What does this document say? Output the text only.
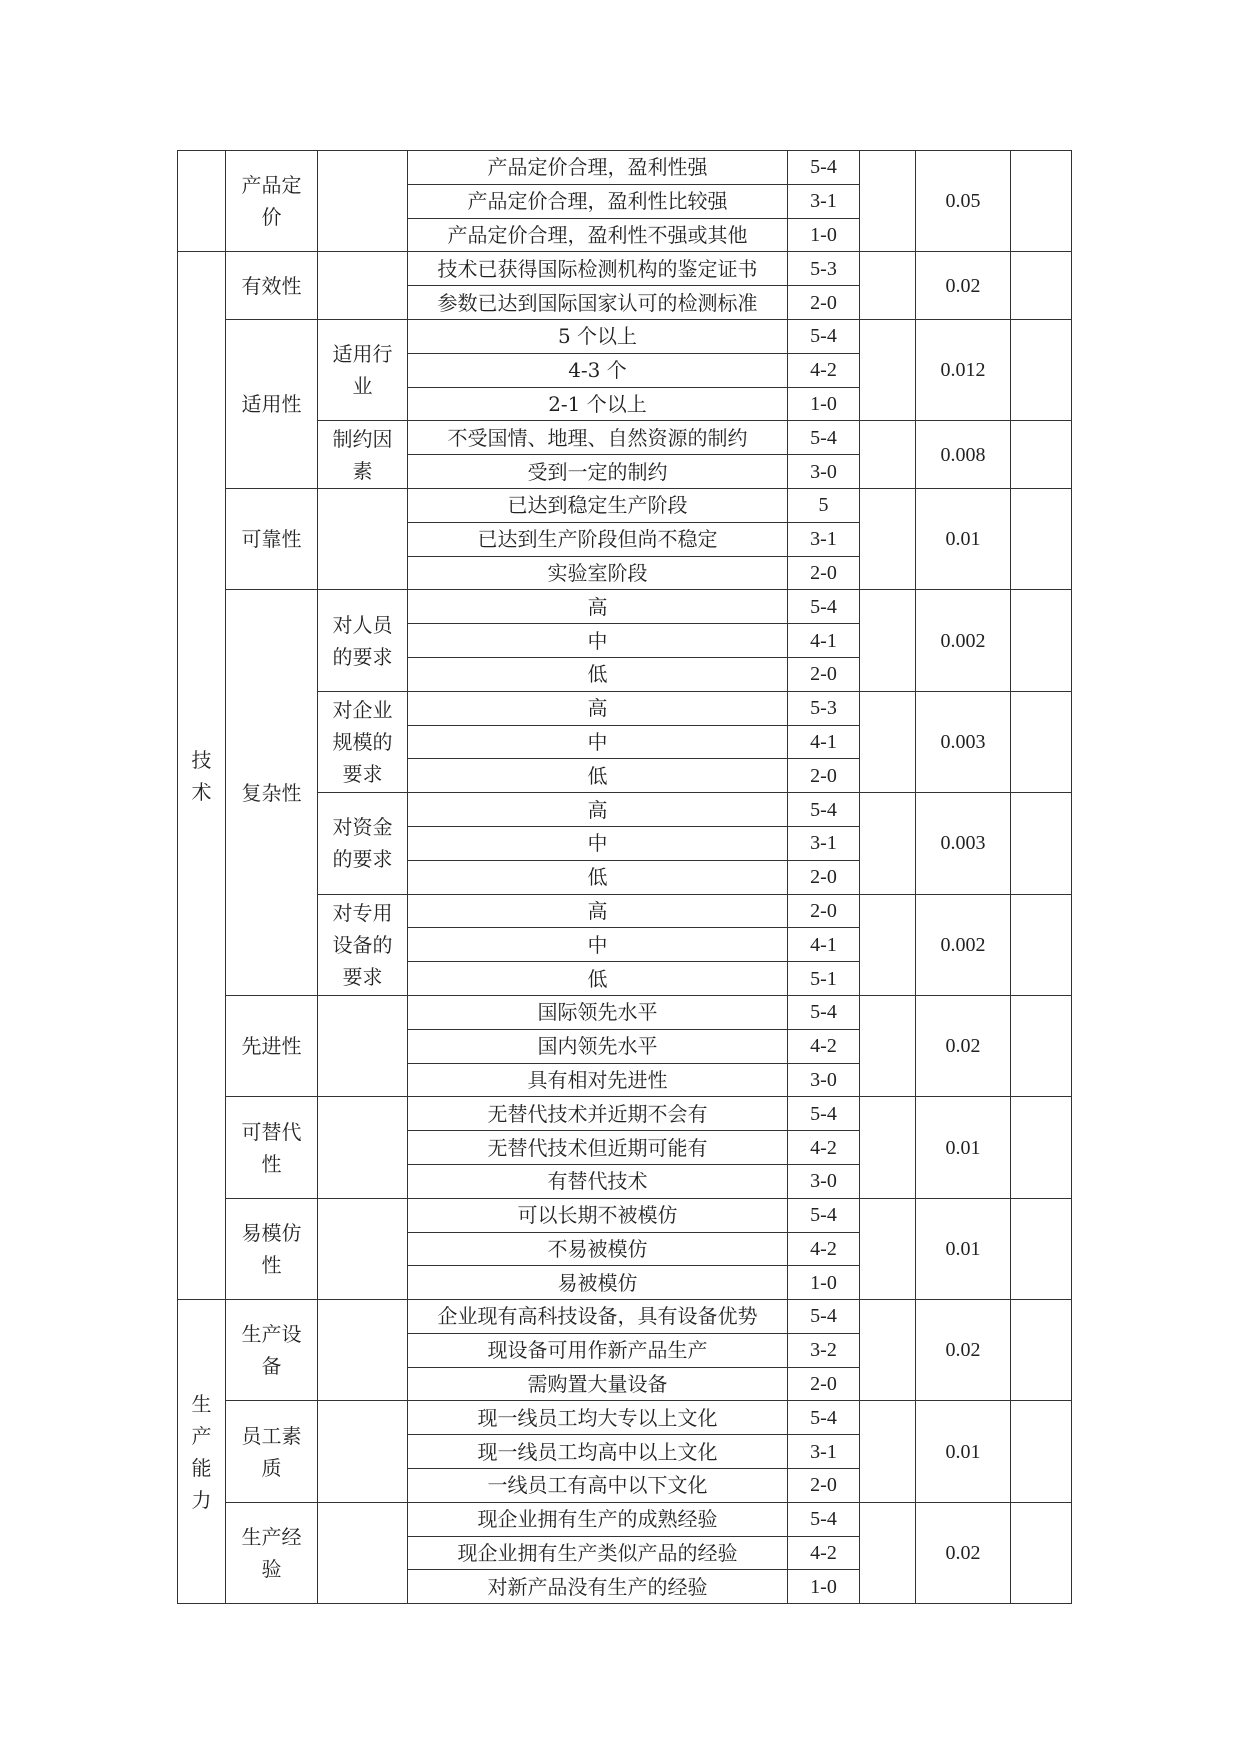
	产品定价		产品定价合理，盈利性强	5-4		0.05	
			产品定价合理，盈利性比较强	3-1			
			产品定价合理，盈利性不强或其他	1-0			
技术	有效性		技术已获得国际检测机构的鉴定证书	5-3		0.02	
			参数已达到国际国家认可的检测标准	2-0			
	适用性	适用行业	5 个以上	5-4		0.012	
			4-3 个	4-2			
			2-1 个以上	1-0			
		制约因素	不受国情、地理、自然资源的制约	5-4		0.008	
			受到一定的制约	3-0			
	可靠性		已达到稳定生产阶段	5		0.01	
			已达到生产阶段但尚不稳定	3-1			
			实验室阶段	2-0			
	复杂性	对人员的要求	高	5-4		0.002	
			中	4-1			
			低	2-0			
		对企业规模的要求	高	5-3		0.003	
			中	4-1			
			低	2-0			
		对资金的要求	高	5-4		0.003	
			中	3-1			
			低	2-0			
		对专用设备的要求	高	2-0		0.002	
			中	4-1			
			低	5-1			
	先进性		国际领先水平	5-4		0.02	
			国内领先水平	4-2			
			具有相对先进性	3-0			
	可替代性		无替代技术并近期不会有	5-4		0.01	
			无替代技术但近期可能有	4-2			
			有替代技术	3-0			
	易模仿性		可以长期不被模仿	5-4		0.01	
			不易被模仿	4-2			
			易被模仿	1-0			
生产能力	生产设备		企业现有高科技设备，具有设备优势	5-4		0.02	
			现设备可用作新产品生产	3-2			
			需购置大量设备	2-0			
	员工素质		现一线员工均大专以上文化	5-4		0.01	
			现一线员工均高中以上文化	3-1			
			一线员工有高中以下文化	2-0			
	生产经验		现企业拥有生产的成熟经验	5-4		0.02	
			现企业拥有生产类似产品的经验	4-2			
			对新产品没有生产的经验	1-0			
